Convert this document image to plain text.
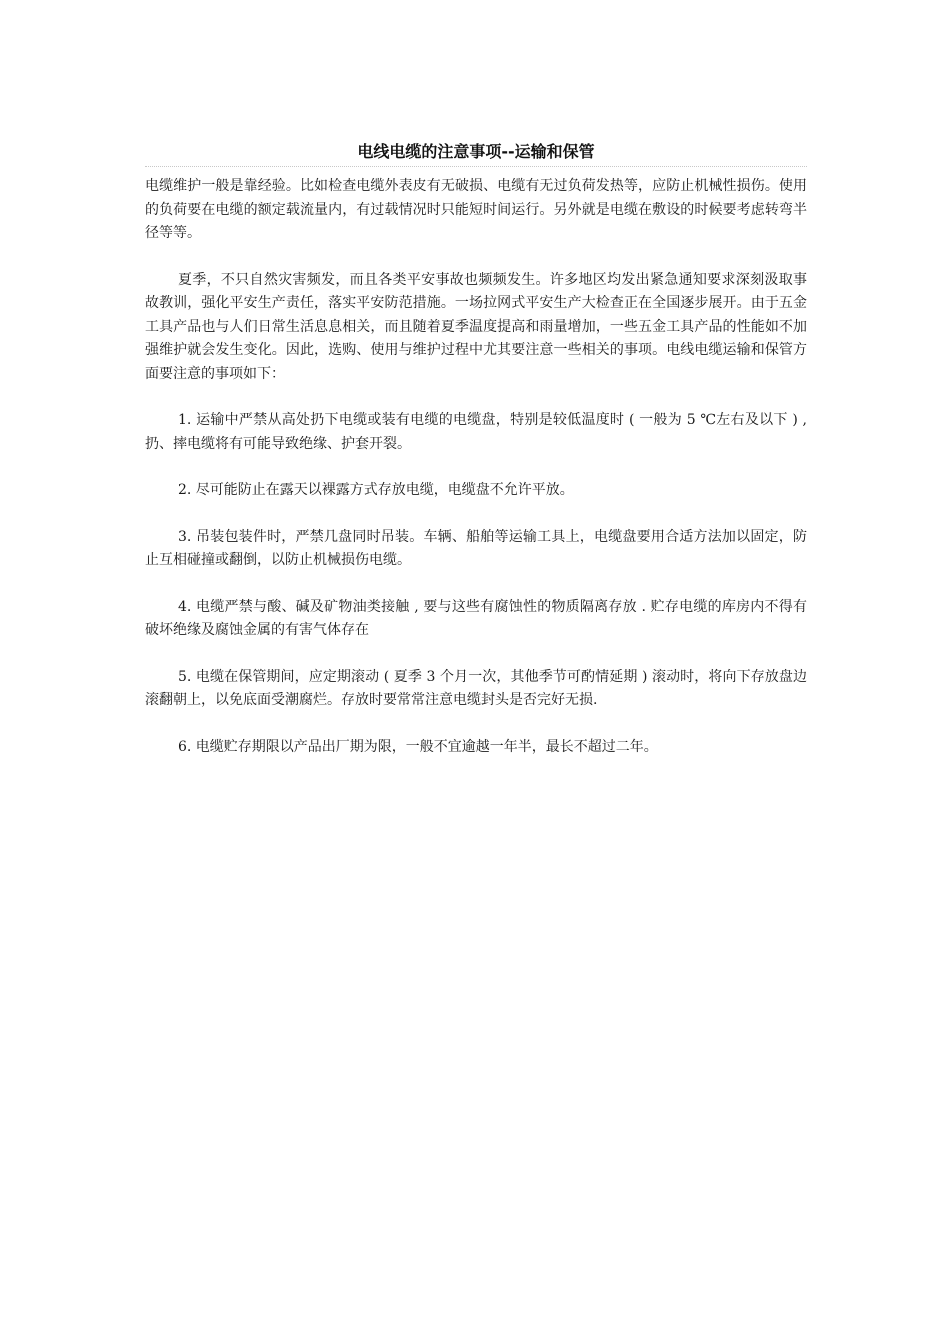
电线电缆的注意事项--运输和保管

电缆维护一般是靠经验。比如检查电缆外表皮有无破损、电缆有无过负荷发热等，应防止机械性损伤。使用的负荷要在电缆的额定载流量内，有过载情况时只能短时间运行。另外就是电缆在敷设的时候要考虑转弯半径等等。

夏季，不只自然灾害频发，而且各类平安事故也频频发生。许多地区均发出紧急通知要求深刻汲取事故教训，强化平安生产责任，落实平安防范措施。一场拉网式平安生产大检查正在全国逐步展开。由于五金工具产品也与人们日常生活息息相关，而且随着夏季温度提高和雨量增加，一些五金工具产品的性能如不加强维护就会发生变化。因此，选购、使用与维护过程中尤其要注意一些相关的事项。电线电缆运输和保管方面要注意的事项如下：

1. 运输中严禁从高处扔下电缆或装有电缆的电缆盘，特别是较低温度时 ( 一般为 5 ℃左右及以下 ) , 扔、摔电缆将有可能导致绝缘、护套开裂。

2. 尽可能防止在露天以裸露方式存放电缆，电缆盘不允许平放。

3. 吊装包装件时，严禁几盘同时吊装。车辆、船舶等运输工具上，电缆盘要用合适方法加以固定，防止互相碰撞或翻倒，以防止机械损伤电缆。

4. 电缆严禁与酸、碱及矿物油类接触 , 要与这些有腐蚀性的物质隔离存放 . 贮存电缆的库房内不得有破坏绝缘及腐蚀金属的有害气体存在

5. 电缆在保管期间，应定期滚动 ( 夏季 3 个月一次，其他季节可酌情延期 ) 滚动时，将向下存放盘边滚翻朝上，以免底面受潮腐烂。存放时要常常注意电缆封头是否完好无损.

6. 电缆贮存期限以产品出厂期为限，一般不宜逾越一年半，最长不超过二年。
